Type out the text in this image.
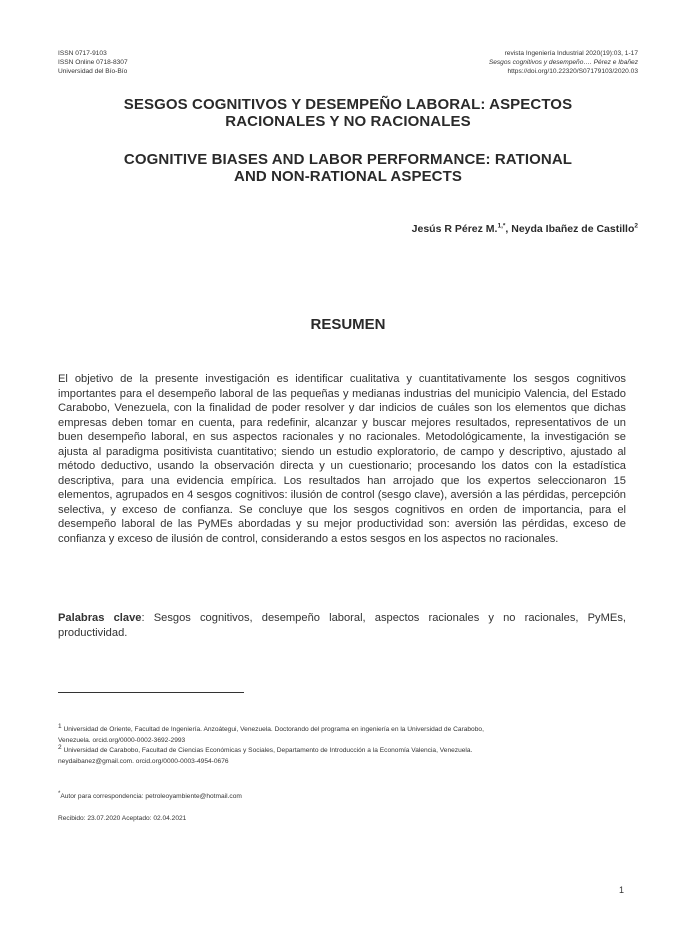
ISSN 0717-9103
ISSN Online 0718-8307
Universidad del Bío-Bío
revista Ingeniería Industrial 2020(19):03, 1-17
Sesgos cognitivos y desempeño…. Pérez e Ibañez
https://doi.org/10.22320/S07179103/2020.03
SESGOS COGNITIVOS Y DESEMPEÑO LABORAL: ASPECTOS
RACIONALES Y NO RACIONALES
COGNITIVE BIASES AND LABOR PERFORMANCE: RATIONAL
AND NON-RATIONAL ASPECTS
Jesús R Pérez M.$^{1,*}$, Neyda Ibañez de Castillo$^2$
RESUMEN
El objetivo de la presente investigación es identificar cualitativa y cuantitativamente los sesgos cognitivos importantes para el desempeño laboral de las pequeñas y medianas industrias del municipio Valencia, del Estado Carabobo, Venezuela, con la finalidad de poder resolver y dar indicios de cuáles son los elementos que dichas empresas deben tomar en cuenta, para redefinir, alcanzar y buscar mejores resultados, representativos de un buen desempeño laboral, en sus aspectos racionales y no racionales. Metodológicamente, la investigación se ajusta al paradigma positivista cuantitativo; siendo un estudio exploratorio, de campo y descriptivo, ajustado al método deductivo, usando la observación directa y un cuestionario; procesando los datos con la estadística descriptiva, para una evidencia empírica. Los resultados han arrojado que los expertos seleccionaron 15 elementos, agrupados en 4 sesgos cognitivos: ilusión de control (sesgo clave), aversión a las pérdidas, percepción selectiva, y exceso de confianza. Se concluye que los sesgos cognitivos en orden de importancia, para el desempeño laboral de las PyMEs abordadas y su mejor productividad son: aversión las pérdidas, exceso de confianza y exceso de ilusión de control, considerando a estos sesgos en los aspectos no racionales.
Palabras clave: Sesgos cognitivos, desempeño laboral, aspectos racionales y no racionales, PyMEs, productividad.
$^1$ Universidad de Oriente, Facultad de Ingeniería. Anzoátegui, Venezuela. Doctorando del programa en ingeniería en la Universidad de Carabobo,
Venezuela. orcid.org/0000-0002-3692-2993
$^2$ Universidad de Carabobo, Facultad de Ciencias Económicas y Sociales, Departamento de Introducción a la Economía Valencia, Venezuela.
neydaibanez@gmail.com. orcid.org/0000-0003-4954-0676
*Autor para correspondencia: petroleoyambiente@hotmail.com
Recibido: 23.07.2020 Aceptado: 02.04.2021
1
